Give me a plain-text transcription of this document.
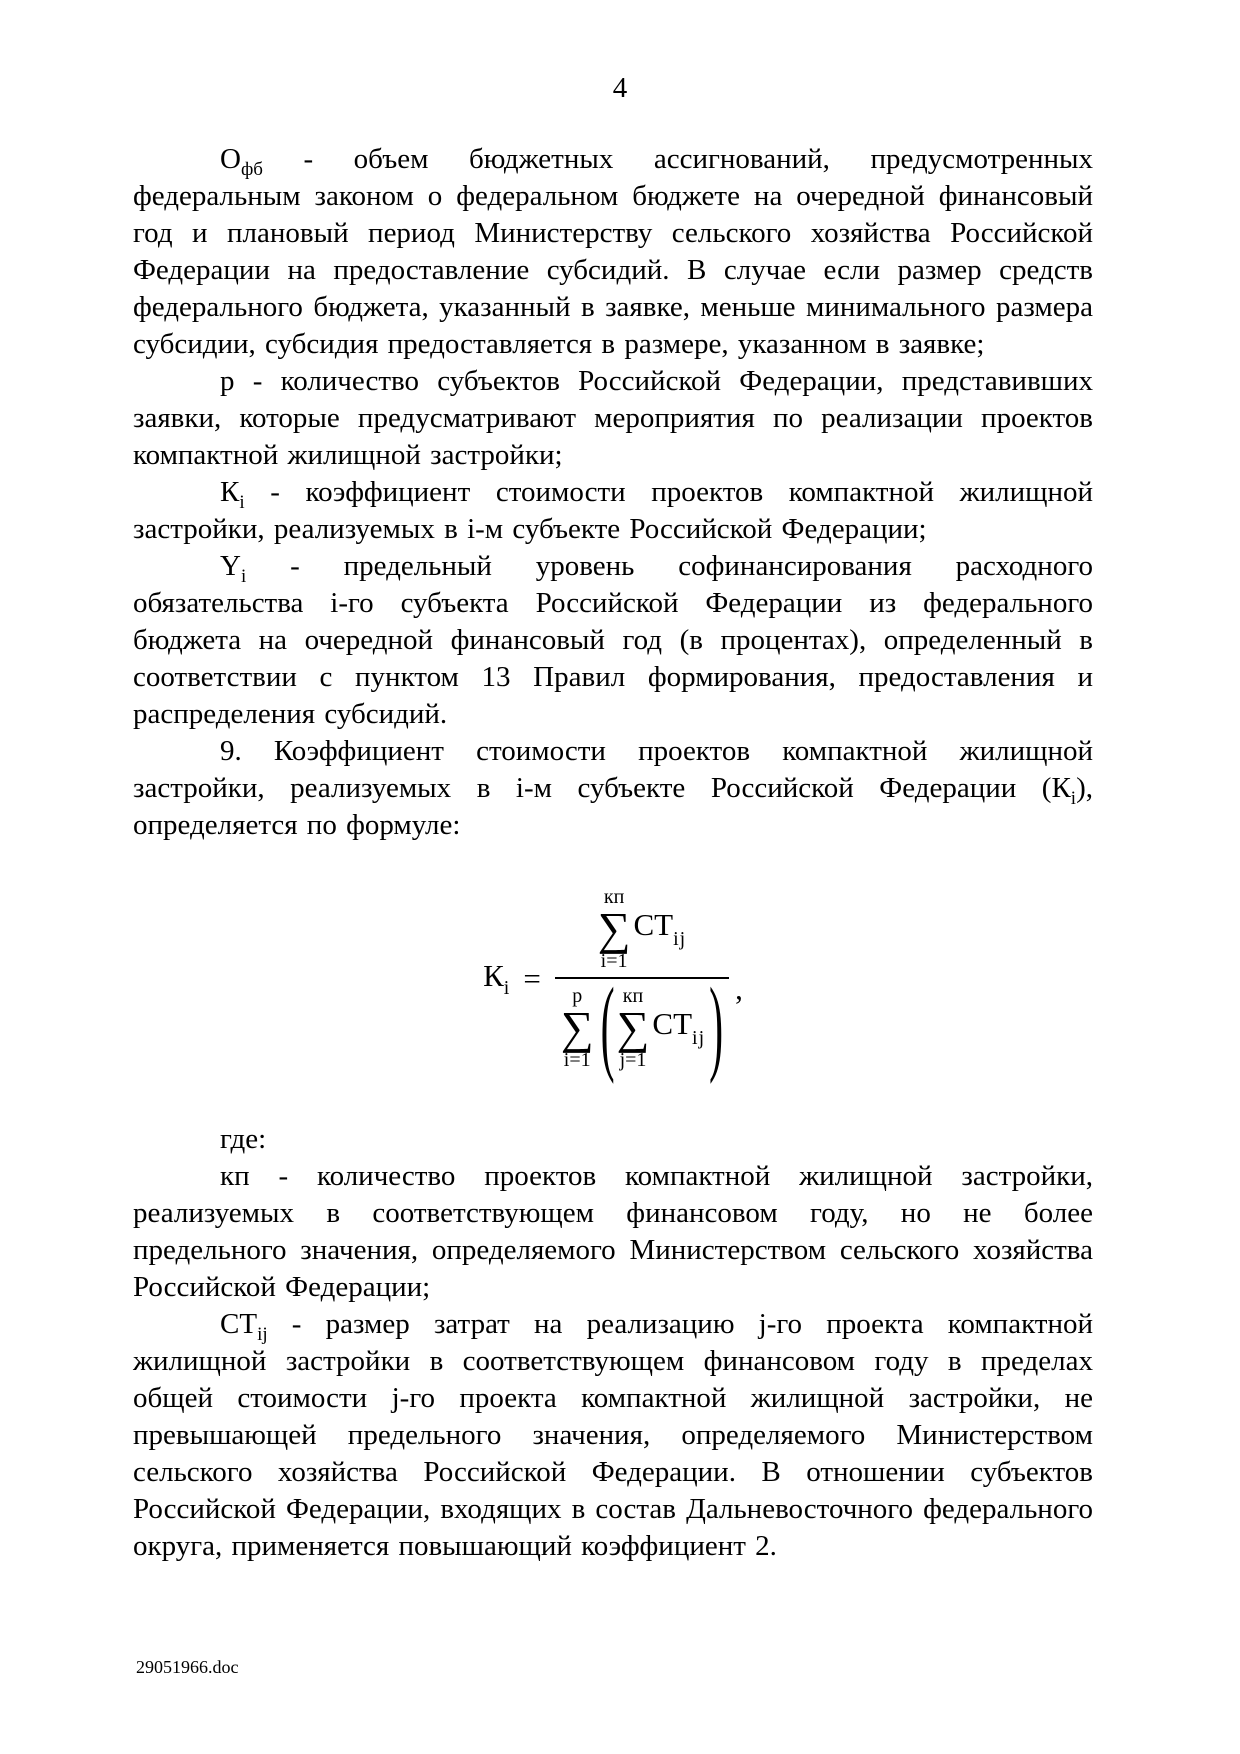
4

$О_{фб}$ - объем бюджетных ассигнований, предусмотренных федеральным законом о федеральном бюджете на очередной финансовый год и плановый период Министерству сельского хозяйства Российской Федерации на предоставление субсидий. В случае если размер средств федерального бюджета, указанный в заявке, меньше минимального размера субсидии, субсидия предоставляется в размере, указанном в заявке;

р - количество субъектов Российской Федерации, представивших заявки, которые предусматривают мероприятия по реализации проектов компактной жилищной застройки;

$К_i$ - коэффициент стоимости проектов компактной жилищной застройки, реализуемых в i-м субъекте Российской Федерации;

$Y_i$ - предельный уровень софинансирования расходного обязательства i-го субъекта Российской Федерации из федерального бюджета на очередной финансовый год (в процентах), определенный в соответствии с пунктом 13 Правил формирования, предоставления и распределения субсидий.

9. Коэффициент стоимости проектов компактной жилищной застройки, реализуемых в i-м субъекте Российской Федерации $(К_i)$, определяется по формуле:

$К_i$ =
кп
∑
i=1
$СТ_{ij}$
p
∑
i=1 ( кп
∑
j=1
$СТ_{ij}$ ) ,

где:

кп - количество проектов компактной жилищной застройки, реализуемых в соответствующем финансовом году, но не более предельного значения, определяемого Министерством сельского хозяйства Российской Федерации;

$СТ_{ij}$ - размер затрат на реализацию j-го проекта компактной жилищной застройки в соответствующем финансовом году в пределах общей стоимости j-го проекта компактной жилищной застройки, не превышающей предельного значения, определяемого Министерством сельского хозяйства Российской Федерации. В отношении субъектов Российской Федерации, входящих в состав Дальневосточного федерального округа, применяется повышающий коэффициент 2.

29051966.doc
